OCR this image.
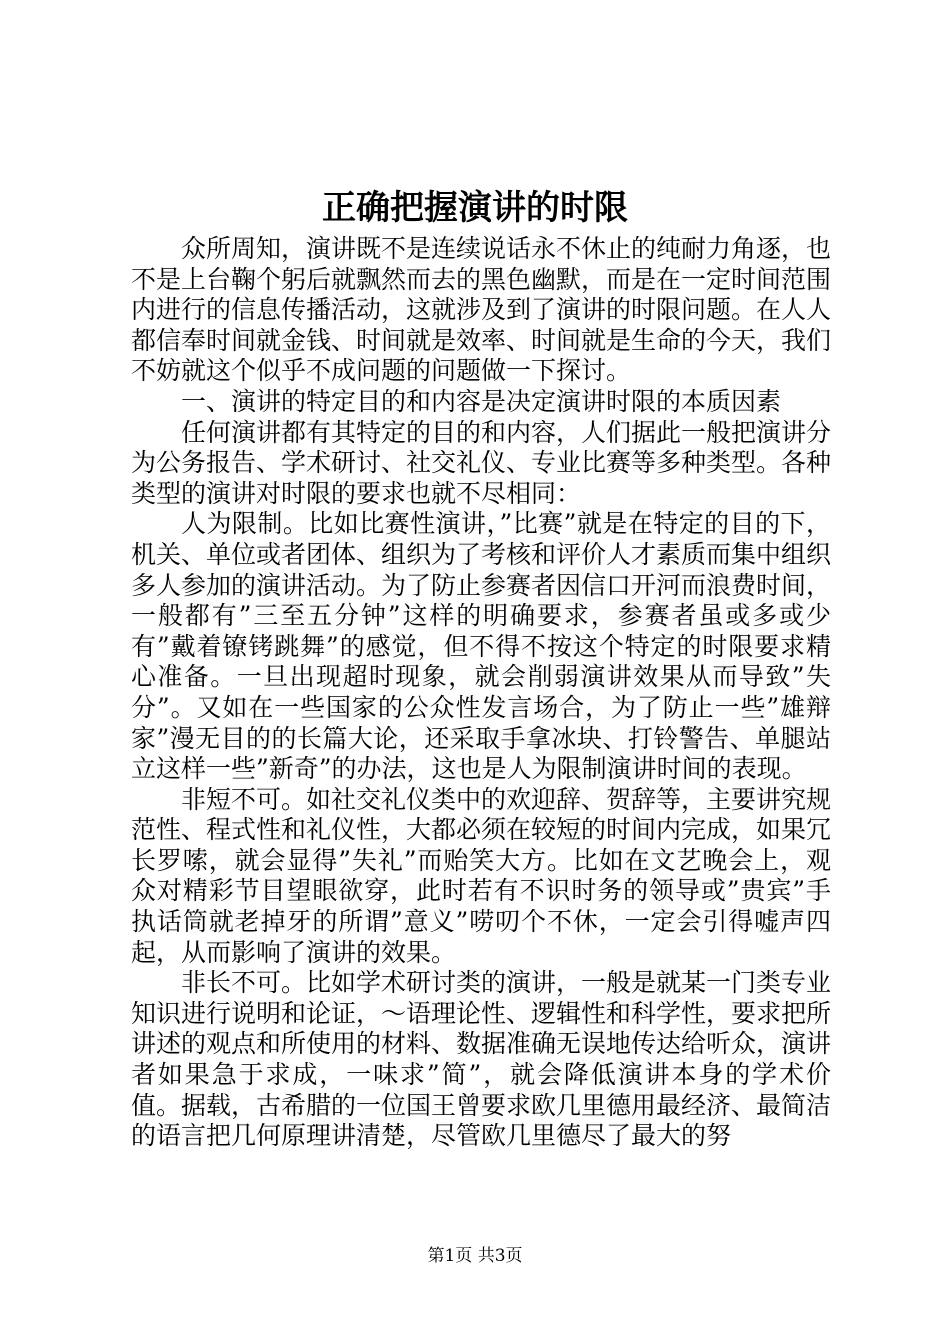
正确把握演讲的时限

众所周知，演讲既不是连续说话永不休止的纯耐力角逐，也不是上台鞠个躬后就飘然而去的黑色幽默，而是在一定时间范围内进行的信息传播活动，这就涉及到了演讲的时限问题。在人人都信奉时间就金钱、时间就是效率、时间就是生命的今天，我们不妨就这个似乎不成问题的问题做一下探讨。

一、演讲的特定目的和内容是决定演讲时限的本质因素

任何演讲都有其特定的目的和内容，人们据此一般把演讲分为公务报告、学术研讨、社交礼仪、专业比赛等多种类型。各种类型的演讲对时限的要求也就不尽相同：

人为限制。比如比赛性演讲，”比赛”就是在特定的目的下，机关、单位或者团体、组织为了考核和评价人才素质而集中组织多人参加的演讲活动。为了防止参赛者因信口开河而浪费时间，一般都有”三至五分钟”这样的明确要求，参赛者虽或多或少有”戴着镣铐跳舞”的感觉，但不得不按这个特定的时限要求精心准备。一旦出现超时现象，就会削弱演讲效果从而导致”失分”。又如在一些国家的公众性发言场合，为了防止一些”雄辩家”漫无目的的长篇大论，还采取手拿冰块、打铃警告、单腿站立这样一些”新奇”的办法，这也是人为限制演讲时间的表现。

非短不可。如社交礼仪类中的欢迎辞、贺辞等，主要讲究规范性、程式性和礼仪性，大都必须在较短的时间内完成，如果冗长罗嗦，就会显得”失礼”而贻笑大方。比如在文艺晚会上，观众对精彩节目望眼欲穿，此时若有不识时务的领导或”贵宾”手执话筒就老掉牙的所谓”意义”唠叨个不休，一定会引得嘘声四起，从而影响了演讲的效果。

非长不可。比如学术研讨类的演讲，一般是就某一门类专业知识进行说明和论证，～语理论性、逻辑性和科学性，要求把所讲述的观点和所使用的材料、数据准确无误地传达给听众，演讲者如果急于求成，一味求”简”，就会降低演讲本身的学术价值。据载，古希腊的一位国王曾要求欧几里德用最经济、最简洁的语言把几何原理讲清楚，尽管欧几里德尽了最大的努

第1页 共3页
